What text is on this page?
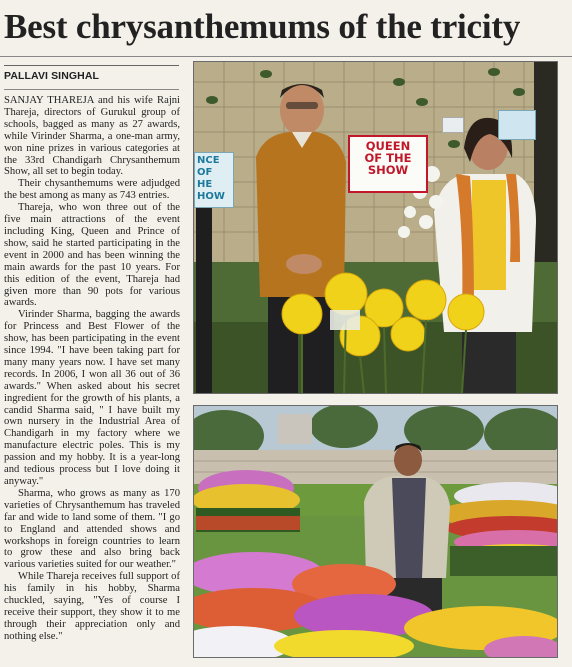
Best chrysanthemums of the tricity
PALLAVI SINGHAL

SANJAY THAREJA and his wife Rajni Thareja, directors of Gurukul group of schools, bagged as many as 27 awards, while Virinder Sharma, a one-man army, won nine prizes in various categories at the 33rd Chandigarh Chrysanthemum Show, all set to begin today.

Their chysanthemums were adjudged the best among as many as 743 entries.

Thareja, who won three out of the five main attractions of the event including King, Queen and Prince of show, said he started participating in the event in 2000 and has been winning the main awards for the past 10 years. For this edition of the event, Thareja had given more than 90 pots for various awards.

Virinder Sharma, bagging the awards for Princess and Best Flower of the show, has been participating in the event since 1994. "I have been taking part for many many years now. I have set many records. In 2006, I won all 36 out of 36 awards." When asked about his secret ingredient for the growth of his plants, a candid Sharma said, " I have built my own nursery in the Industrial Area of Chandigarh in my factory where we manufacture electric poles. This is my passion and my hobby. It is a year-long and tedious process but I love doing it anyway."

Sharma, who grows as many as 170 varieties of Chrysanthemum has traveled far and wide to land some of them. "I go to England and attended shows and workshops in foreign countries to learn to grow these and also bring back various varieties suited for our weather."

While Thareja receives full support of his family in his hobby, Sharma chuckled, saying, "Yes of course I receive their support, they show it to me through their appreciation only and nothing else."

QUEEN
OF THE
SHOW
NCE
OF
HE
HOW
